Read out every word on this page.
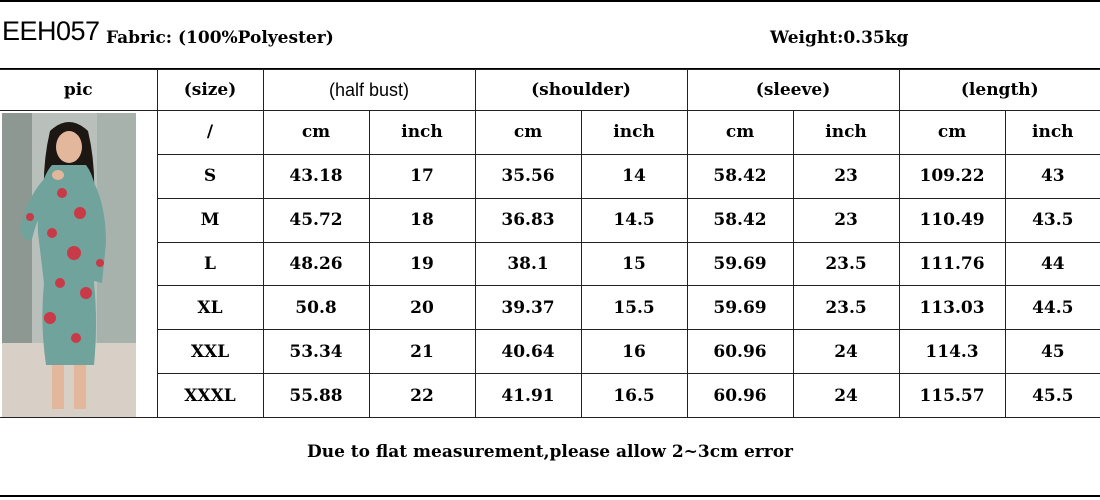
EEH057 Fabric: (100%Polyester)	Weight:0.35kg
pic	(size)	(half bust)		(shoulder)		(sleeve)		(length)	

	/	cm	inch	cm	inch	cm	inch	cm	inch
	S	43.18	17	35.56	14	58.42	23	109.22	43
	M	45.72	18	36.83	14.5	58.42	23	110.49	43.5
	L	48.26	19	38.1	15	59.69	23.5	111.76	44
	XL	50.8	20	39.37	15.5	59.69	23.5	113.03	44.5
	XXL	53.34	21	40.64	16	60.96	24	114.3	45
	XXXL	55.88	22	41.91	16.5	60.96	24	115.57	45.5
Due to flat measurement,please allow 2~3cm error
